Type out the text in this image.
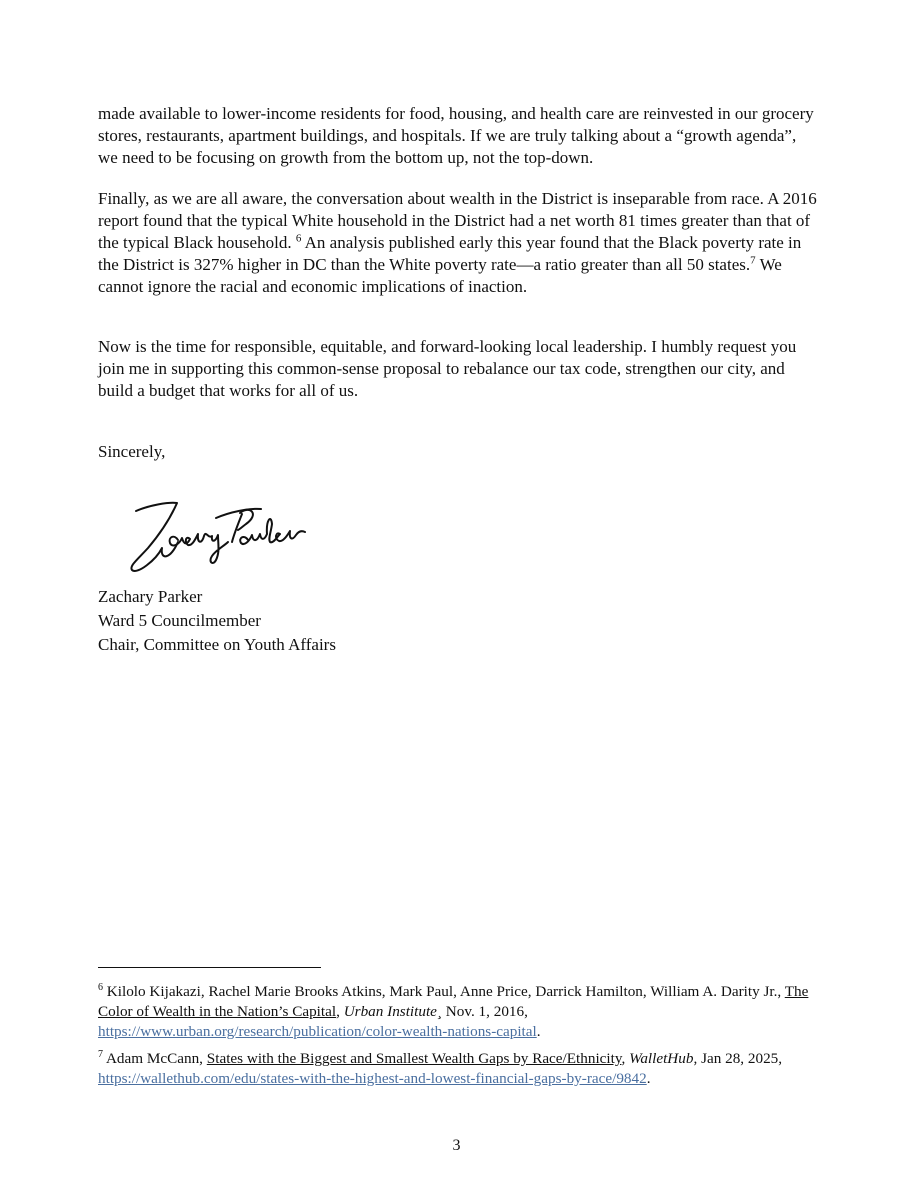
made available to lower-income residents for food, housing, and health care are reinvested in our grocery stores, restaurants, apartment buildings, and hospitals. If we are truly talking about a “growth agenda”, we need to be focusing on growth from the bottom up, not the top-down.

Finally, as we are all aware, the conversation about wealth in the District is inseparable from race. A 2016 report found that the typical White household in the District had a net worth 81 times greater than that of the typical Black household. $^6$ An analysis published early this year found that the Black poverty rate in the District is 327% higher in DC than the White poverty rate—a ratio greater than all 50 states.$^7$ We cannot ignore the racial and economic implications of inaction.

Now is the time for responsible, equitable, and forward-looking local leadership. I humbly request you join me in supporting this common-sense proposal to rebalance our tax code, strengthen our city, and build a budget that works for all of us.

Sincerely,

Zachary Parker
Ward 5 Councilmember
Chair, Committee on Youth Affairs

$^6$ Kilolo Kijakazi, Rachel Marie Brooks Atkins, Mark Paul, Anne Price, Darrick Hamilton, William A. Darity Jr., The Color of Wealth in the Nation’s Capital, Urban Institute¸ Nov. 1, 2016, https://www.urban.org/research/publication/color-wealth-nations-capital.

$^7$ Adam McCann, States with the Biggest and Smallest Wealth Gaps by Race/Ethnicity, WalletHub, Jan 28, 2025, https://wallethub.com/edu/states-with-the-highest-and-lowest-financial-gaps-by-race/9842.

3
